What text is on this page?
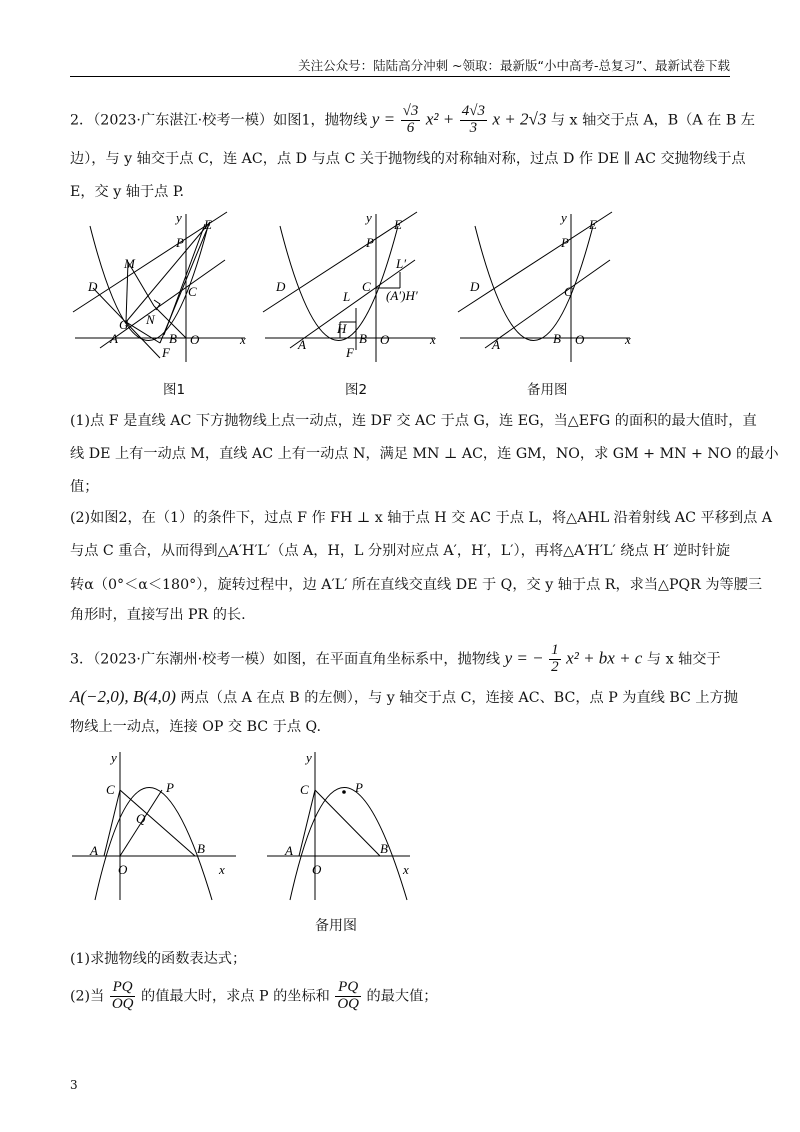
关注公众号：陆陆高分冲刺 ~领取：最新版“小中高考-总复习”、最新试卷下载
2．（2023·广东湛江·校考一模）如图1，抛物线 $y = \frac{√3}{6} x^2 + \frac{4√3}{3}$ x + 2√3 与 x 轴交于点 A，B（A 在 B 左
边），与 y 轴交于点 C，连 AC，点 D 与点 C 关于抛物线的对称轴对称，过点 D 作 DE ∥ AC 交抛物线于点
E，交 y 轴于点 P.
y E
P
M
D	C
G N
A	B
F
O	x
图1
y E
P
L′
D	C
(A′)H′
L
H
A	B
F
O	x
图2
y E
P
D	C
A	B O	x
备用图
(1)点 F 是直线 AC 下方抛物线上点一动点，连 DF 交 AC 于点 G，连 EG，当△EFG 的面积的最大值时，直
线 DE 上有一动点 M，直线 AC 上有一动点 N，满足 MN ⊥ AC，连 GM，NO，求 GM + MN + NO 的最小
值；
(2)如图2，在（1）的条件下，过点 F 作 FH ⊥ x 轴于点 H 交 AC 于点 L，将△AHL 沿着射线 AC 平移到点 A
与点 C 重合，从而得到△A′H′L′（点 A，H，L 分别对应点 A′，H′，L′），再将△A′H′L′ 绕点 H′ 逆时针旋
转α（0°＜α＜180°），旋转过程中，边 A′L′ 所在直线交直线 DE 于 Q，交 y 轴于点 R，求当△PQR 为等腰三
角形时，直接写出 PR 的长.
3．（2023·广东潮州·校考一模）如图，在平面直角坐标系中，抛物线 y = − $\frac{1}{2} x^2$ + bx + c 与 x 轴交于
A(−2,0), B(4,0) 两点（点 A 在点 B 的左侧），与 y 轴交于点 C，连接 AC、BC，点 P 为直线 BC 上方抛
物线上一动点，连接 OP 交 BC 于点 Q.
y
C	P
Q
A
O
B
x
y
C	P
A
O
B
x
备用图
(1)求抛物线的函数表达式；
(2)当 $\frac{PQ}{OQ}$ 的值最大时，求点 P 的坐标和 $\frac{PQ}{OQ}$ 的最大值；
3
